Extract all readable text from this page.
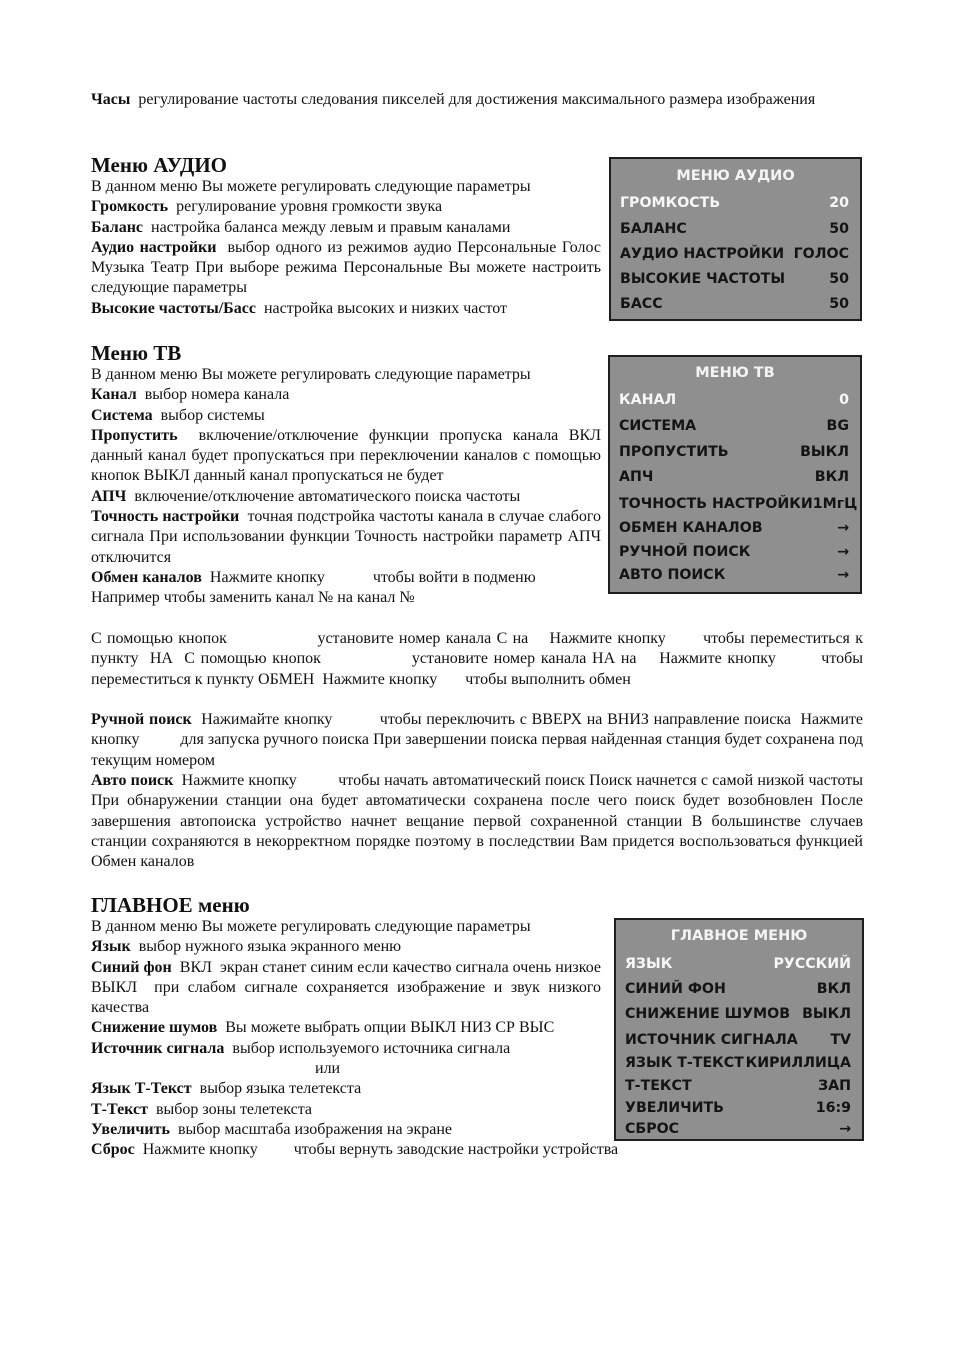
Часы регулирование частоты следования пикселей для достижения максимального размера изображения
Меню АУДИО
В данном меню Вы можете регулировать следующие параметры
Громкость регулирование уровня громкости звука
Баланс настройка баланса между левым и правым каналами
Аудио настройки выбор одного из режимов аудио Персональные Голос Музыка Театр При выборе режима Персональные Вы можете настроить следующие параметры
Высокие частоты/Басс настройка высоких и низких частот
МЕНЮ АУДИО
ГРОМКОСТЬ	20
БАЛАНС	50
АУДИО НАСТРОЙКИ ГОЛОС
ВЫСОКИЕ ЧАСТОТЫ	50
БАСС	50
Меню ТВ
В данном меню Вы можете регулировать следующие параметры
Канал выбор номера канала
Система выбор системы
Пропустить включение/отключение функции пропуска канала ВКЛ данный канал будет пропускаться при переключении каналов с помощью кнопок ВЫКЛ данный канал пропускаться не будет
АПЧ включение/отключение автоматического поиска частоты
Точность настройки точная подстройка частоты канала в случае слабого сигнала При использовании функции Точность настройки параметр АПЧ отключится
Обмен каналов Нажмите кнопку            чтобы войти в подменю
Например чтобы заменить канал № на канал №
С помощью кнопок                 установите номер канала С на    Нажмите кнопку       чтобы переместиться к пункту  НА  С помощью кнопок                установите номер канала НА на    Нажмите кнопку        чтобы переместиться к пункту ОБМЕН  Нажмите кнопку       чтобы выполнить обмен
Ручной поиск Нажимайте кнопку          чтобы переключить с ВВЕРХ на ВНИЗ направление поиска  Нажмите кнопку          для запуска ручного поиска При завершении поиска первая найденная станция будет сохранена под текущим номером
Авто поиск Нажмите кнопку          чтобы начать автоматический поиск Поиск начнется с самой низкой частоты При обнаружении станции она будет автоматически сохранена после чего поиск будет возобновлен После завершения автопоиска устройство начнет вещание первой сохраненной станции В большинстве случаев станции сохраняются в некорректном порядке поэтому в последствии Вам придется воспользоваться функцией Обмен каналов
МЕНЮ ТВ
КАНАЛ	0
СИСТЕМА	BG
ПРОПУСТИТЬ	ВЫКЛ
АПЧ	ВКЛ
ТОЧНОСТЬ НАСТРОЙКИ 1МгЦ
ОБМЕН КАНАЛОВ	→
РУЧНОЙ ПОИСК	→
АВТО ПОИСК	→
ГЛАВНОЕ меню
В данном меню Вы можете регулировать следующие параметры
Язык выбор нужного языка экранного меню
Синий фон ВКЛ  экран станет синим если качество сигнала очень низкое ВЫКЛ  при слабом сигнале сохраняется изображение и звук низкого качества
Снижение шумов Вы можете выбрать опции ВЫКЛ НИЗ СР ВЫС
Источник сигнала выбор используемого источника сигнала
или
Язык Т-Текст выбор языка телетекста
Т-Текст выбор зоны телетекста
Увеличить выбор масштаба изображения на экране
Сброс Нажмите кнопку         чтобы вернуть заводские настройки устройства
ГЛАВНОЕ МЕНЮ
ЯЗЫК	РУССКИЙ
СИНИЙ ФОН	ВКЛ
СНИЖЕНИЕ ШУМОВ ВЫКЛ
ИСТОЧНИК СИГНАЛА TV
ЯЗЫК Т-ТЕКСТ КИРИЛЛИЦА
Т-ТЕКСТ	ЗАП
УВЕЛИЧИТЬ	16:9
СБРОС	→
